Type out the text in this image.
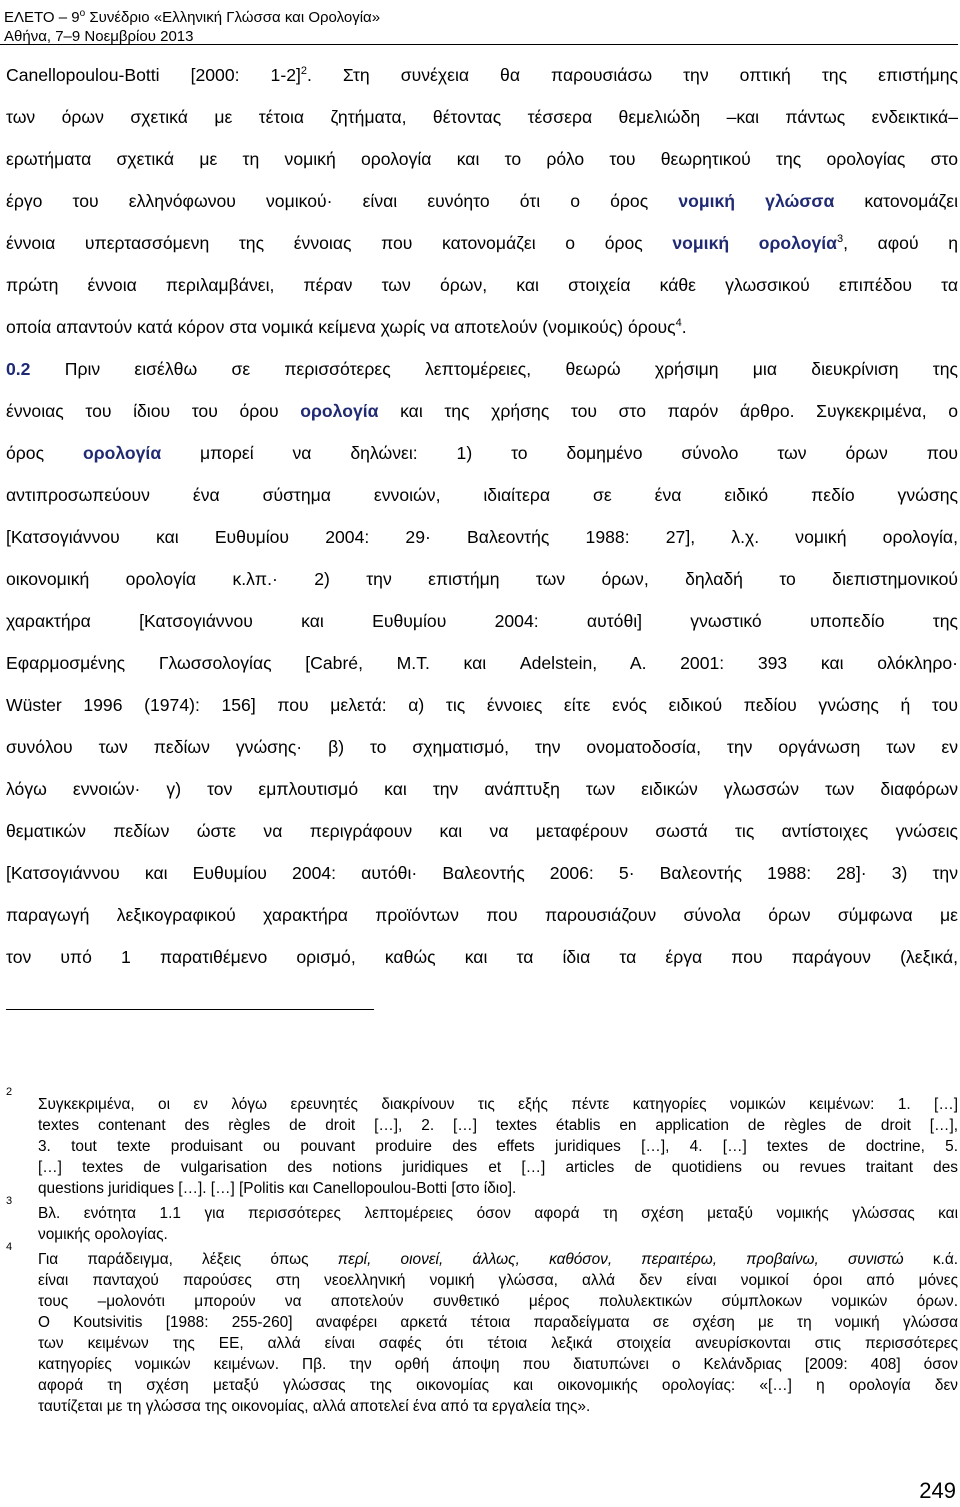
ΕΛΕΤΟ – $9^o$ Συνέδριο «Ελληνική Γλώσσα και Ορολογία»
Αθήνα, 7–9 Νοεμβρίου 2013

Canellopoulou-Botti [2000: 1-2]$^2$. Στη συνέχεια θα παρουσιάσω την οπτική της επιστήμης
των όρων σχετικά με τέτοια ζητήματα, θέτοντας τέσσερα θεμελιώδη –και πάντως ενδεικτικά–
ερωτήματα σχετικά με τη νομική ορολογία και το ρόλο του θεωρητικού της ορολογίας στο
έργο του ελληνόφωνου νομικού· είναι ευνόητο ότι ο όρος νομική γλώσσα κατονομάζει
έννοια υπερτασσόμενη της έννοιας που κατονομάζει ο όρος νομική ορολογία$^3$, αφού η
πρώτη έννοια περιλαμβάνει, πέραν των όρων, και στοιχεία κάθε γλωσσικού επιπέδου τα
οποία απαντούν κατά κόρον στα νομικά κείμενα χωρίς να αποτελούν (νομικούς) όρους$^4$.

0.2 Πριν εισέλθω σε περισσότερες λεπτομέρειες, θεωρώ χρήσιμη μια διευκρίνιση της
έννοιας του ίδιου του όρου ορολογία και της χρήσης του στο παρόν άρθρο. Συγκεκριμένα, ο
όρος ορολογία μπορεί να δηλώνει: 1) το δομημένο σύνολο των όρων που
αντιπροσωπεύουν ένα σύστημα εννοιών, ιδιαίτερα σε ένα ειδικό πεδίο γνώσης
[Κατσογιάννου και Ευθυμίου 2004: 29· Βαλεοντής 1988: 27], λ.χ. νομική ορολογία,
οικονομική ορολογία κ.λπ.· 2) την επιστήμη των όρων, δηλαδή το διεπιστημονικού
χαρακτήρα [Κατσογιάννου και Ευθυμίου 2004: αυτόθι] γνωστικό υποπεδίο της
Εφαρμοσμένης Γλωσσολογίας [Cabré, M.T. και Adelstein, A. 2001: 393 και ολόκληρο·
Wüster 1996 (1974): 156] που μελετά: α) τις έννοιες είτε ενός ειδικού πεδίου γνώσης ή του
συνόλου των πεδίων γνώσης· β) το σχηματισμό, την ονοματοδοσία, την οργάνωση των εν
λόγω εννοιών· γ) τον εμπλουτισμό και την ανάπτυξη των ειδικών γλωσσών των διαφόρων
θεματικών πεδίων ώστε να περιγράφουν και να μεταφέρουν σωστά τις αντίστοιχες γνώσεις
[Κατσογιάννου και Ευθυμίου 2004: αυτόθι· Βαλεοντής 2006: 5· Βαλεοντής 1988: 28]· 3) την
παραγωγή λεξικογραφικού χαρακτήρα προϊόντων που παρουσιάζουν σύνολα όρων σύμφωνα με
τον υπό 1 παρατιθέμενο ορισμό, καθώς και τα ίδια τα έργα που παράγουν (λεξικά,

2
Συγκεκριμένα, οι εν λόγω ερευνητές διακρίνουν τις εξής πέντε κατηγορίες νομικών κειμένων: 1. […]
textes contenant des règles de droit […], 2. […] textes établis en application de règles de droit […],
3. tout texte produisant ou pouvant produire des effets juridiques […], 4. […] textes de doctrine, 5.
[…] textes de vulgarisation des notions juridiques et […] articles de quotidiens ou revues traitant des
questions juridiques […]. […] [Politis και Canellopoulou-Botti [στο ίδιο].
3
Βλ. ενότητα 1.1 για περισσότερες λεπτομέρειες όσον αφορά τη σχέση μεταξύ νομικής γλώσσας και
νομικής ορολογίας.
4
Για παράδειγμα, λέξεις όπως περί, οιονεί, άλλως, καθόσον, περαιτέρω, προβαίνω, συνιστώ κ.ά.
είναι πανταχού παρούσες στη νεοελληνική νομική γλώσσα, αλλά δεν είναι νομικοί όροι από μόνες
τους –μολονότι μπορούν να αποτελούν συνθετικό μέρος πολυλεκτικών σύμπλοκων νομικών όρων.
Ο Koutsivitis [1988: 255-260] αναφέρει αρκετά τέτοια παραδείγματα σε σχέση με τη νομική γλώσσα
των κειμένων της ΕΕ, αλλά είναι σαφές ότι τέτοια λεξικά στοιχεία ανευρίσκονται στις περισσότερες
κατηγορίες νομικών κειμένων. Πβ. την ορθή άποψη που διατυπώνει ο Κελάνδριας [2009: 408] όσον
αφορά τη σχέση μεταξύ γλώσσας της οικονομίας και οικονομικής ορολογίας: «[…] η ορολογία δεν
ταυτίζεται με τη γλώσσα της οικονομίας, αλλά αποτελεί ένα από τα εργαλεία της».
249
